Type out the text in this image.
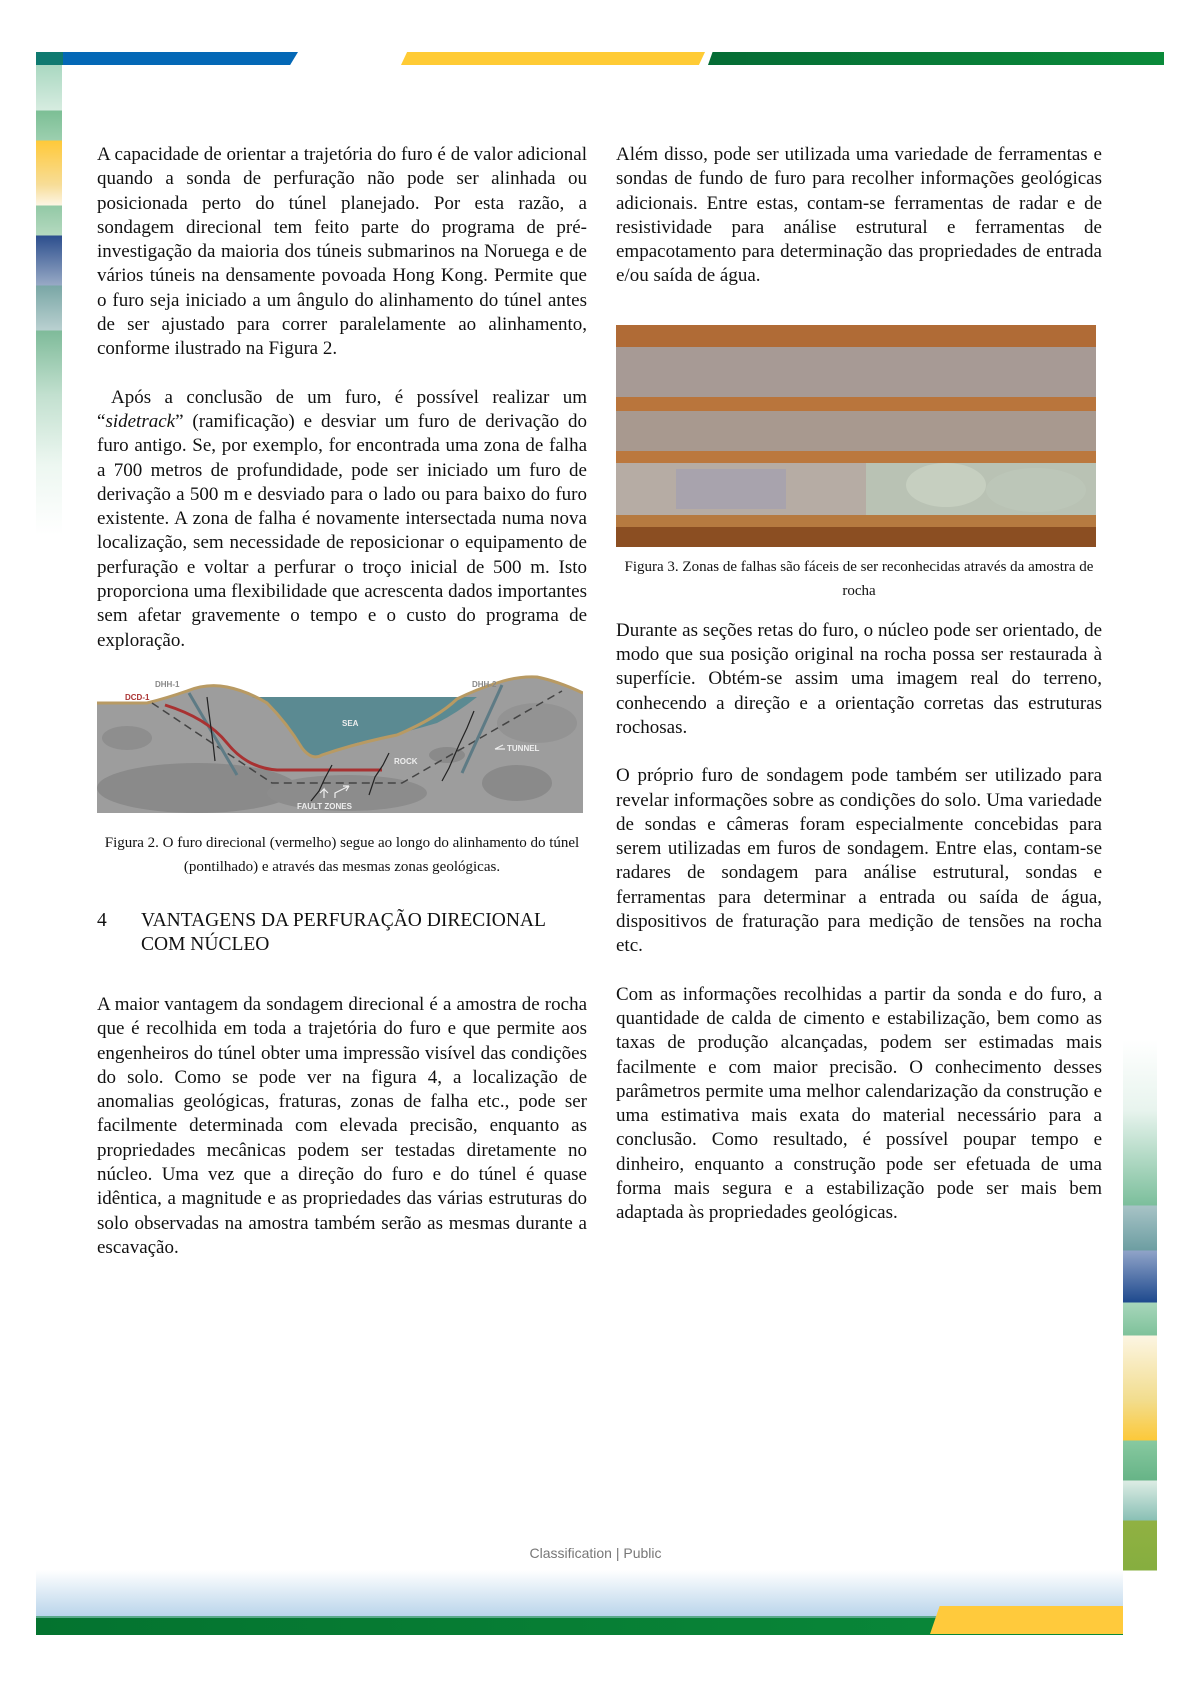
A capacidade de orientar a trajetória do furo é de valor adicional quando a sonda de perfuração não pode ser alinhada ou posicionada perto do túnel planejado. Por esta razão, a sondagem direcional tem feito parte do programa de pré-investigação da maioria dos túneis submarinos na Noruega e de vários túneis na densamente povoada Hong Kong. Permite que o furo seja iniciado a um ângulo do alinhamento do túnel antes de ser ajustado para correr paralelamente ao alinhamento, conforme ilustrado na Figura 2.

Após a conclusão de um furo, é possível realizar um “sidetrack” (ramificação) e desviar um furo de derivação do furo antigo. Se, por exemplo, for encontrada uma zona de falha a 700 metros de profundidade, pode ser iniciado um furo de derivação a 500 m e desviado para o lado ou para baixo do furo existente. A zona de falha é novamente intersectada numa nova localização, sem necessidade de reposicionar o equipamento de perfuração e voltar a perfurar o troço inicial de 500 m. Isto proporciona uma flexibilidade que acrescenta dados importantes sem afetar gravemente o tempo e o custo do programa de exploração.

DHH-1
DCD-1
DHH-2
SEA
ROCK
TUNNEL
FAULT ZONES
Figura 2. O furo direcional (vermelho) segue ao longo do alinhamento do túnel (pontilhado) e através das mesmas zonas geológicas.
4	VANTAGENS DA PERFURAÇÃO DIRECIONAL COM NÚCLEO

A maior vantagem da sondagem direcional é a amostra de rocha que é recolhida em toda a trajetória do furo e que permite aos engenheiros do túnel obter uma impressão visível das condições do solo. Como se pode ver na figura 4, a localização de anomalias geológicas, fraturas, zonas de falha etc., pode ser facilmente determinada com elevada precisão, enquanto as propriedades mecânicas podem ser testadas diretamente no núcleo. Uma vez que a direção do furo e do túnel é quase idêntica, a magnitude e as propriedades das várias estruturas do solo observadas na amostra também serão as mesmas durante a escavação.

Além disso, pode ser utilizada uma variedade de ferramentas e sondas de fundo de furo para recolher informações geológicas adicionais. Entre estas, contam-se ferramentas de radar e de resistividade para análise estrutural e ferramentas de empacotamento para determinação das propriedades de entrada e/ou saída de água.

Figura 3. Zonas de falhas são fáceis de ser reconhecidas através da amostra de rocha

Durante as seções retas do furo, o núcleo pode ser orientado, de modo que sua posição original na rocha possa ser restaurada à superfície. Obtém-se assim uma imagem real do terreno, conhecendo a direção e a orientação corretas das estruturas rochosas.

O próprio furo de sondagem pode também ser utilizado para revelar informações sobre as condições do solo. Uma variedade de sondas e câmeras foram especialmente concebidas para serem utilizadas em furos de sondagem. Entre elas, contam-se radares de sondagem para análise estrutural, sondas e ferramentas para determinar a entrada ou saída de água, dispositivos de fraturação para medição de tensões na rocha etc.

Com as informações recolhidas a partir da sonda e do furo, a quantidade de calda de cimento e estabilização, bem como as taxas de produção alcançadas, podem ser estimadas mais facilmente e com maior precisão. O conhecimento desses parâmetros permite uma melhor calendarização da construção e uma estimativa mais exata do material necessário para a conclusão. Como resultado, é possível poupar tempo e dinheiro, enquanto a construção pode ser efetuada de uma forma mais segura e a estabilização pode ser mais bem adaptada às propriedades geológicas.

Classification | Public
